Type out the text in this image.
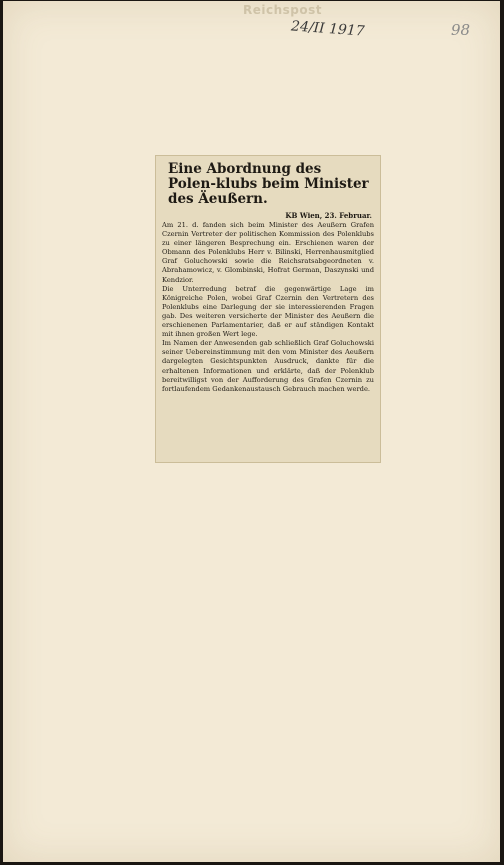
Reichspost
24/II 1917	98
Eine Abordnung des Polen-klubs beim Minister des Äeußern.
KB Wien, 23. Februar.

Am 21. d. fanden sich beim Minister des Aeußern Grafen Czernin Vertreter der politischen Kommission des Polenklubs zu einer längeren Besprechung ein. Erschienen waren der Obmann des Polenklubs Herr v. Bilinski, Herrenhausmitglied Graf Goluchowski sowie die Reichsratsabgeordneten v. Abrahamowicz, v. Glombinski, Hofrat German, Daszynski und Kendzior.

Die Unterredung betraf die gegenwärtige Lage im Königreiche Polen, wobei Graf Czernin den Vertretern des Polenklubs eine Darlegung der sie interessierenden Fragen gab. Des weiteren versicherte der Minister des Aeußern die erschienenen Parlamentarier, daß er auf ständigen Kontakt mit ihnen großen Wert lege.

Im Namen der Anwesenden gab schließlich Graf Goluchowski seiner Uebereinstimmung mit den vom Minister des Aeußern dargelegten Gesichtspunkten Ausdruck, dankte für die erhaltenen Informationen und erklärte, daß der Polenklub bereitwilligst von der Aufforderung des Grafen Czernin zu fortlaufendem Gedankenaustausch Gebrauch machen werde.
